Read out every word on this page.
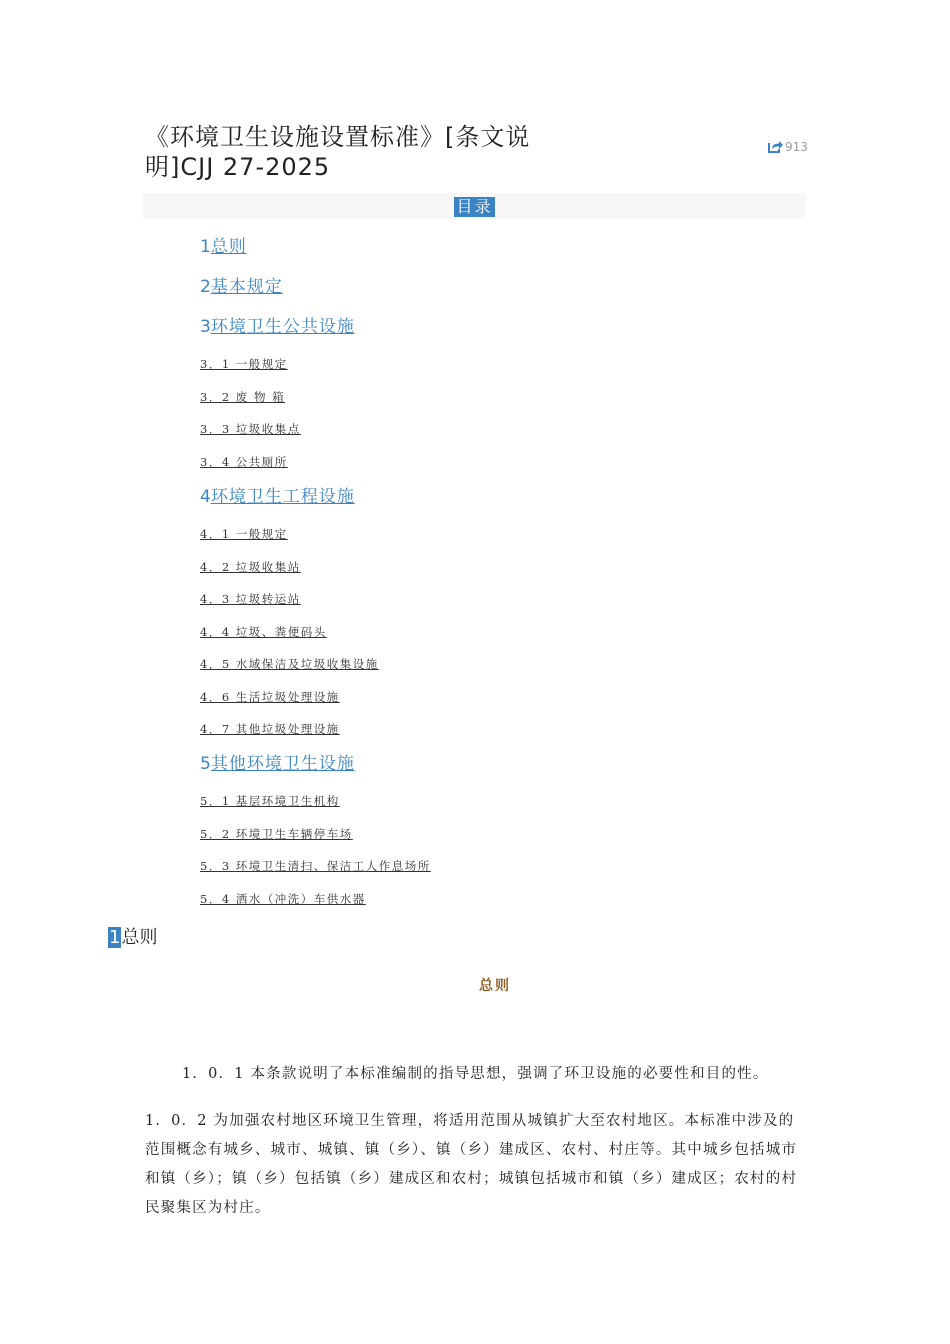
《环境卫生设施设置标准》[条文说明]CJJ 27-2025
913
目录
1总则
2基本规定
3环境卫生公共设施
3．1 一般规定
3．2 废 物 箱
3．3 垃圾收集点
3．4 公共厕所
4环境卫生工程设施
4．1 一般规定
4．2 垃圾收集站
4．3 垃圾转运站
4．4 垃圾、粪便码头
4．5 水域保洁及垃圾收集设施
4．6 生活垃圾处理设施
4．7 其他垃圾处理设施
5其他环境卫生设施
5．1 基层环境卫生机构
5．2 环境卫生车辆停车场
5．3 环境卫生清扫、保洁工人作息场所
5．4 洒水（冲洗）车供水器
1总则
总则

1．0．1 本条款说明了本标准编制的指导思想，强调了环卫设施的必要性和目的性。

1．0．2 为加强农村地区环境卫生管理，将适用范围从城镇扩大至农村地区。本标准中涉及的范围概念有城乡、城市、城镇、镇（乡）、镇（乡）建成区、农村、村庄等。其中城乡包括城市和镇（乡）；镇（乡）包括镇（乡）建成区和农村；城镇包括城市和镇（乡）建成区；农村的村民聚集区为村庄。
